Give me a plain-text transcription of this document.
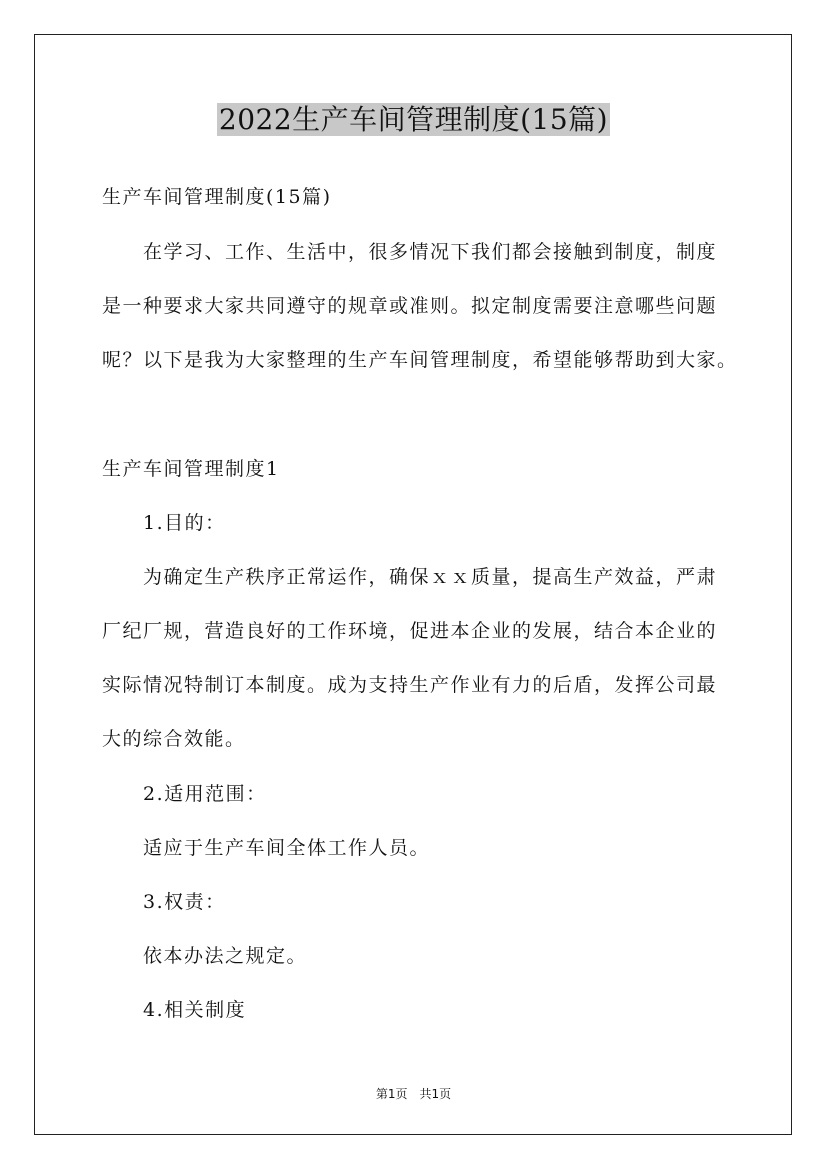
2022生产车间管理制度(15篇)
生产车间管理制度(15篇)
在学习、工作、生活中，很多情况下我们都会接触到制度，制度
是一种要求大家共同遵守的规章或准则。拟定制度需要注意哪些问题
呢？以下是我为大家整理的生产车间管理制度，希望能够帮助到大家。
生产车间管理制度1
1.目的：
为确定生产秩序正常运作，确保ｘｘ质量，提高生产效益，严肃
厂纪厂规，营造良好的工作环境，促进本企业的发展，结合本企业的
实际情况特制订本制度。成为支持生产作业有力的后盾，发挥公司最
大的综合效能。
2.适用范围：
适应于生产车间全体工作人员。
3.权责：
依本办法之规定。
4.相关制度
第1页　共1页
